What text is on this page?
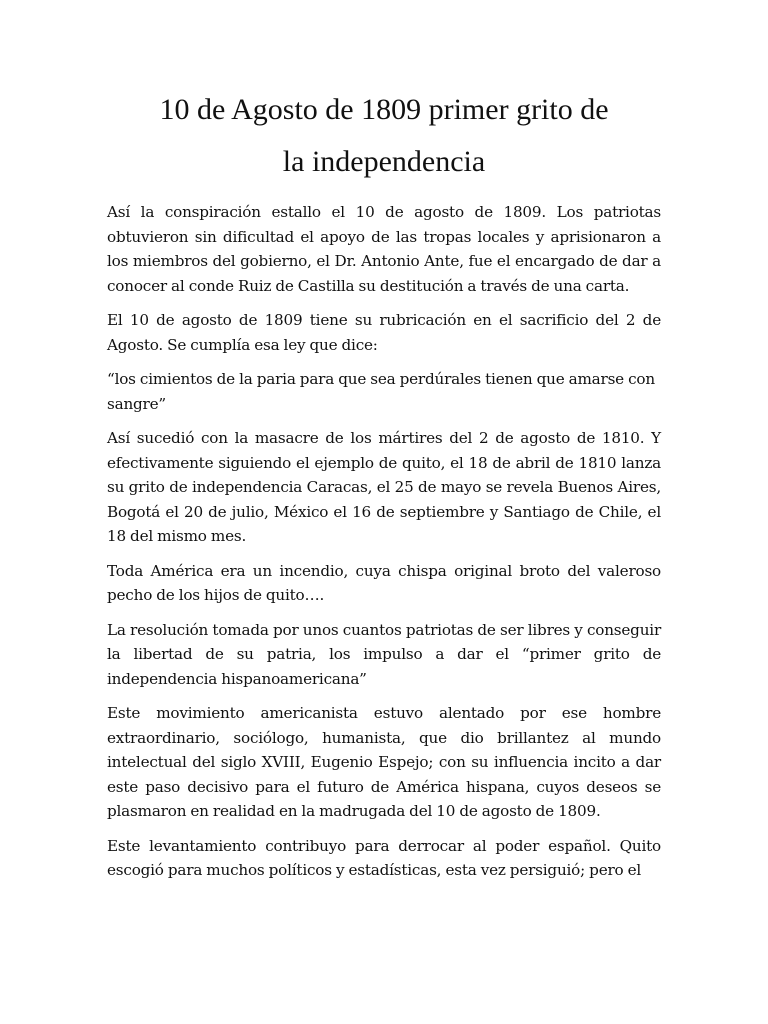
10 de Agosto de 1809 primer grito de
la independencia

Así la conspiración estallo el 10 de agosto de 1809. Los patriotas obtuvieron sin dificultad el apoyo de las tropas locales y aprisionaron a los miembros del gobierno, el Dr. Antonio Ante, fue el encargado de dar a conocer al conde Ruiz de Castilla su destitución a través de una carta.

El 10 de agosto de 1809 tiene su rubricación en el sacrificio del 2 de Agosto. Se cumplía esa ley que dice:

“los cimientos de la paria para que sea perdúrales tienen que amarse con sangre”

Así sucedió con la masacre de los mártires del 2 de agosto de 1810. Y efectivamente siguiendo el ejemplo de quito, el 18 de abril de 1810 lanza su grito de independencia Caracas, el 25 de mayo se revela Buenos Aires, Bogotá el 20 de julio, México el 16 de septiembre y Santiago de Chile, el 18 del mismo mes.

Toda América era un incendio, cuya chispa original broto del valeroso pecho de los hijos de quito….

La resolución tomada por unos cuantos patriotas de ser libres y conseguir la libertad de su patria, los impulso a dar el “primer grito de independencia hispanoamericana”

Este movimiento americanista estuvo alentado por ese hombre extraordinario, sociólogo, humanista, que dio brillantez al mundo intelectual del siglo XVIII, Eugenio Espejo; con su influencia incito a dar este paso decisivo para el futuro de América hispana, cuyos deseos se plasmaron en realidad en la madrugada del 10 de agosto de 1809.

Este levantamiento contribuyo para derrocar al poder español. Quito escogió para muchos políticos y estadísticas, esta vez persiguió; pero el
